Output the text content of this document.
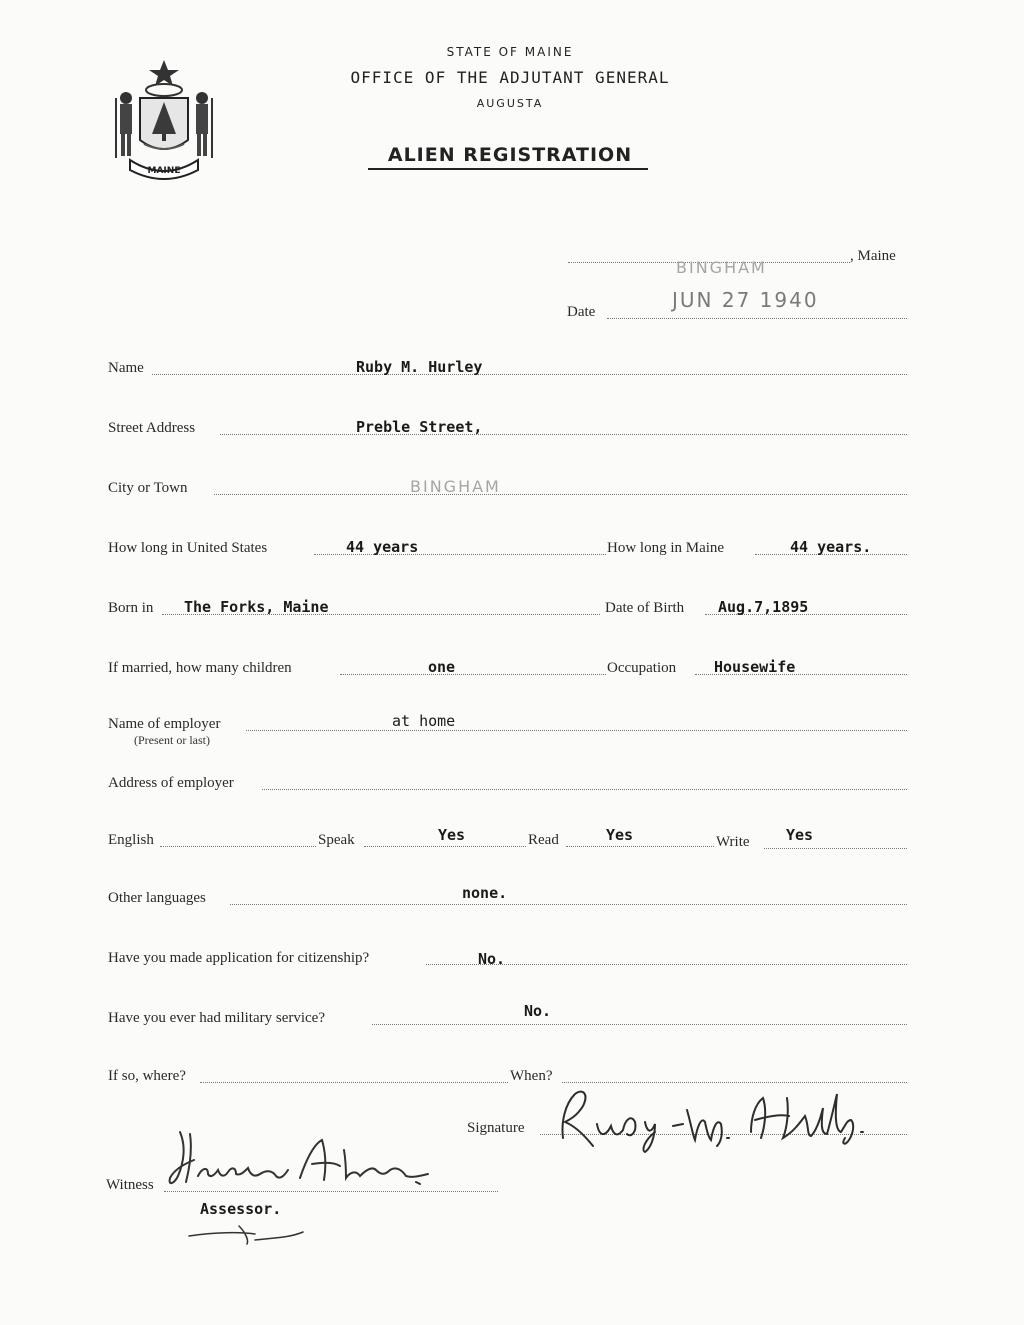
MAINE
STATE OF MAINE
OFFICE OF THE ADJUTANT GENERAL
AUGUSTA
ALIEN REGISTRATION
, Maine
BINGHAM
Date	JUN 27 1940
Name	Ruby M. Hurley
Street Address	Preble Street,
City or Town	BINGHAM
How long in United States	44 years	How long in Maine	44 years.
Born in The Forks, Maine	Date of Birth Aug.7,1895
If married, how many children	one	Occupation	Housewife
Name of employer
(Present or last)
at home
Address of employer
English	Speak	Yes	Read	Yes	Write Yes
Other languages	none.
Have you made application for citizenship?	No.
Have you ever had military service?	No.
If so, where?	When?
Signature
Witness
Assessor.
